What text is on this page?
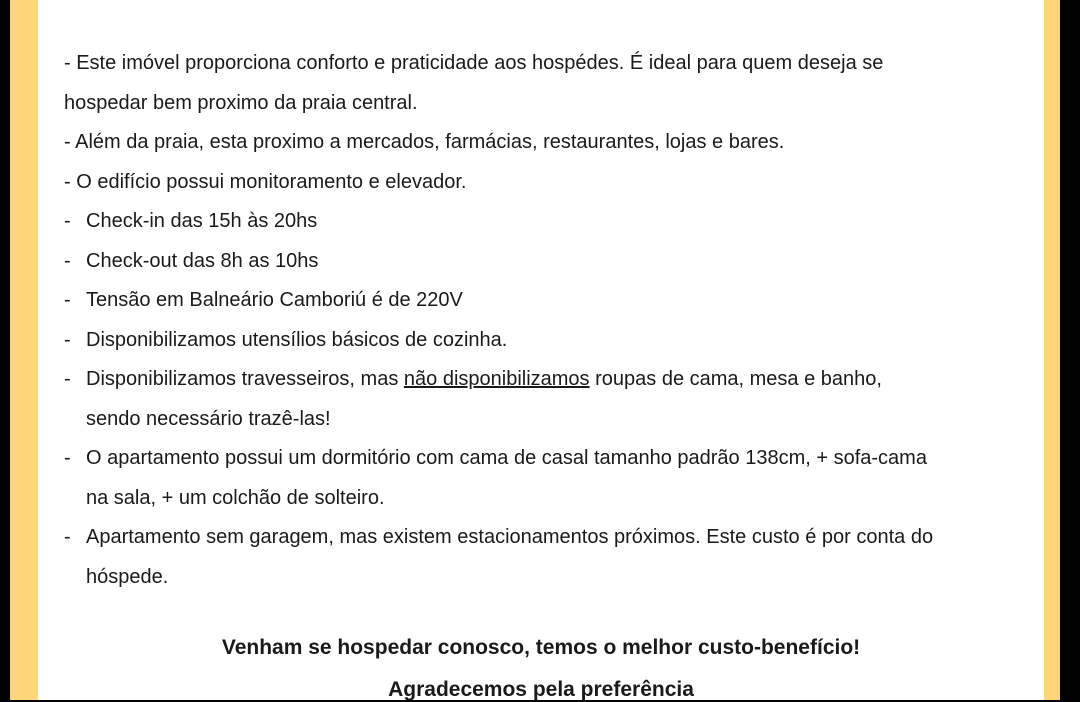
- Este imóvel proporciona conforto e praticidade aos hospédes. É ideal para quem deseja se

hospedar bem proximo da praia central.

- Além da praia, esta proximo a mercados, farmácias, restaurantes, lojas e bares.

- O edifício possui monitoramento e elevador.

- Check-in das 15h às 20hs
- Check-out das 8h as 10hs
- Tensão em Balneário Camboriú é de 220V
- Disponibilizamos utensílios básicos de cozinha.
- Disponibilizamos travesseiros, mas não disponibilizamos roupas de cama, mesa e banho,
sendo necessário trazê-las!
- O apartamento possui um dormitório com cama de casal tamanho padrão 138cm, + sofa-cama
na sala, + um colchão de solteiro.
- Apartamento sem garagem, mas existem estacionamentos próximos. Este custo é por conta do
hóspede.
Venham se hospedar conosco, temos o melhor custo-benefício!
Agradecemos pela preferência
